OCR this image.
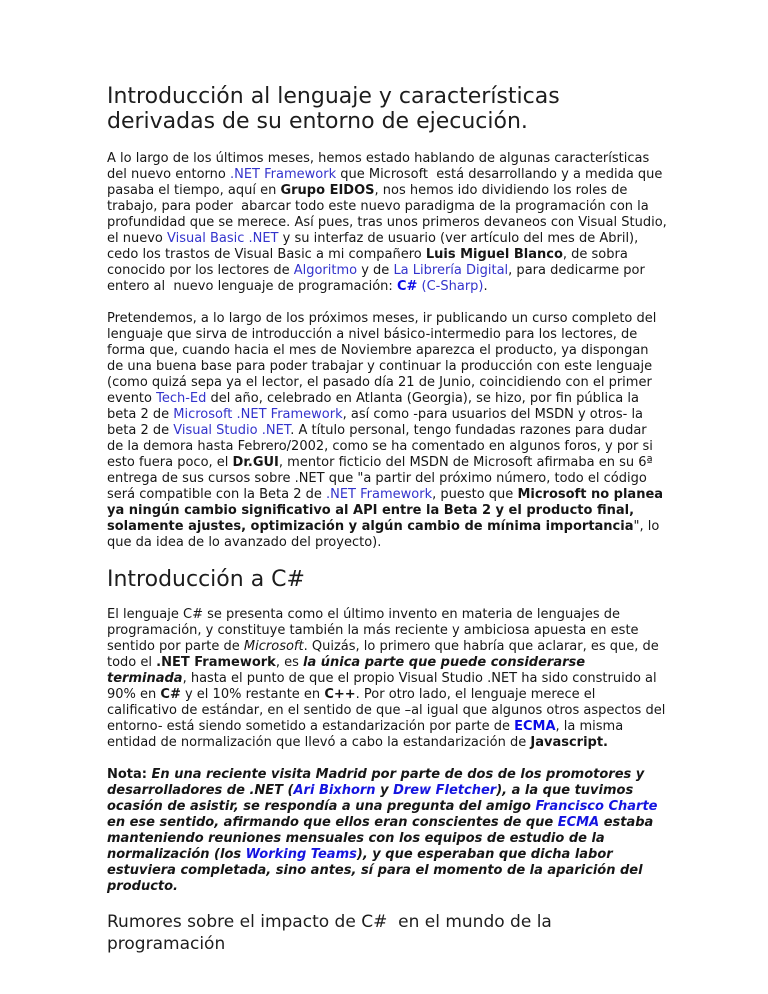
Introducción al lenguaje y características derivadas de su entorno de ejecución.

A lo largo de los últimos meses, hemos estado hablando de algunas características del nuevo entorno .NET Framework que Microsoft  está desarrollando y a medida que pasaba el tiempo, aquí en Grupo EIDOS, nos hemos ido dividiendo los roles de trabajo, para poder  abarcar todo este nuevo paradigma de la programación con la profundidad que se merece. Así pues, tras unos primeros devaneos con Visual Studio, el nuevo Visual Basic .NET y su interfaz de usuario (ver artículo del mes de Abril), cedo los trastos de Visual Basic a mi compañero Luis Miguel Blanco, de sobra conocido por los lectores de Algoritmo y de La Librería Digital, para dedicarme por entero al  nuevo lenguaje de programación: C# (C-Sharp).

Pretendemos, a lo largo de los próximos meses, ir publicando un curso completo del lenguaje que sirva de introducción a nivel básico-intermedio para los lectores, de forma que, cuando hacia el mes de Noviembre aparezca el producto, ya dispongan de una buena base para poder trabajar y continuar la producción con este lenguaje (como quizá sepa ya el lector, el pasado día 21 de Junio, coincidiendo con el primer evento Tech-Ed del año, celebrado en Atlanta (Georgia), se hizo, por fin pública la beta 2 de Microsoft .NET Framework, así como -para usuarios del MSDN y otros- la beta 2 de Visual Studio .NET. A título personal, tengo fundadas razones para dudar de la demora hasta Febrero/2002, como se ha comentado en algunos foros, y por si esto fuera poco, el Dr.GUI, mentor ficticio del MSDN de Microsoft afirmaba en su 6ª entrega de sus cursos sobre .NET que "a partir del próximo número, todo el código será compatible con la Beta 2 de .NET Framework, puesto que Microsoft no planea ya ningún cambio significativo al API entre la Beta 2 y el producto final, solamente ajustes, optimización y algún cambio de mínima importancia", lo que da idea de lo avanzado del proyecto).

Introducción a C#

El lenguaje C# se presenta como el último invento en materia de lenguajes de programación, y constituye también la más reciente y ambiciosa apuesta en este sentido por parte de Microsoft. Quizás, lo primero que habría que aclarar, es que, de todo el .NET Framework, es la única parte que puede considerarse terminada, hasta el punto de que el propio Visual Studio .NET ha sido construido al 90% en C# y el 10% restante en C++. Por otro lado, el lenguaje merece el calificativo de estándar, en el sentido de que –al igual que algunos otros aspectos del entorno- está siendo sometido a estandarización por parte de ECMA, la misma entidad de normalización que llevó a cabo la estandarización de Javascript.

Nota: En una reciente visita Madrid por parte de dos de los promotores y desarrolladores de .NET (Ari Bixhorn y Drew Fletcher), a la que tuvimos ocasión de asistir, se respondía a una pregunta del amigo Francisco Charte en ese sentido, afirmando que ellos eran conscientes de que ECMA estaba manteniendo reuniones mensuales con los equipos de estudio de la normalización (los Working Teams), y que esperaban que dicha labor estuviera completada, sino antes, sí para el momento de la aparición del producto.

Rumores sobre el impacto de C#  en el mundo de la programación
